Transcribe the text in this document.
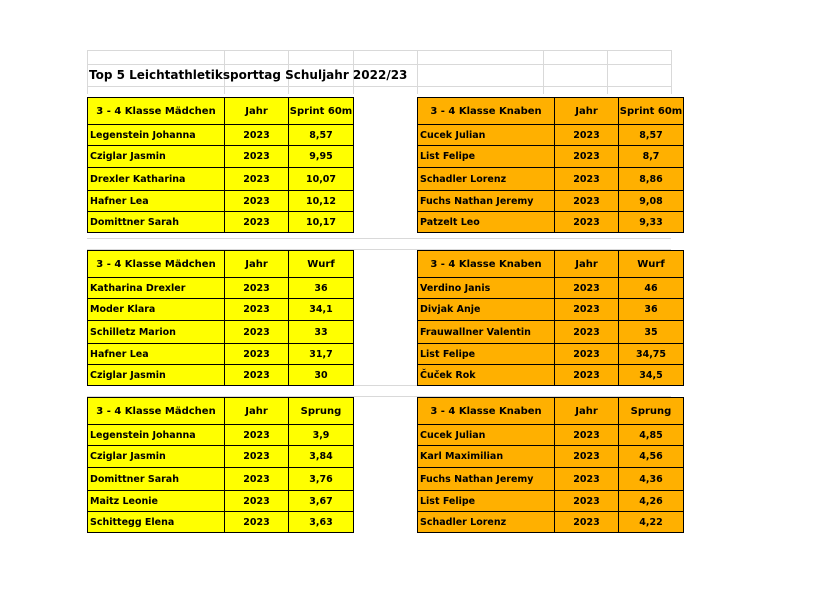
Top 5 Leichtathletiksporttag Schuljahr 2022/23
3 - 4 Klasse Mädchen	Jahr	Sprint 60m
Legenstein Johanna	2023	8,57
Cziglar Jasmin	2023	9,95
Drexler Katharina	2023	10,07
Hafner Lea	2023	10,12
Domittner Sarah	2023	10,17
3 - 4 Klasse Knaben	Jahr	Sprint 60m
Cucek Julian	2023	8,57
List Felipe	2023	8,7
Schadler Lorenz	2023	8,86
Fuchs Nathan Jeremy	2023	9,08
Patzelt Leo	2023	9,33
3 - 4 Klasse Mädchen	Jahr	Wurf
Katharina Drexler	2023	36
Moder Klara	2023	34,1
Schilletz Marion	2023	33
Hafner Lea	2023	31,7
Cziglar Jasmin	2023	30
3 - 4 Klasse Knaben	Jahr	Wurf
Verdino Janis	2023	46
Divjak Anje	2023	36
Frauwallner Valentin	2023	35
List Felipe	2023	34,75
Čuček Rok	2023	34,5
3 - 4 Klasse Mädchen	Jahr	Sprung
Legenstein Johanna	2023	3,9
Cziglar Jasmin	2023	3,84
Domittner Sarah	2023	3,76
Maitz Leonie	2023	3,67
Schittegg Elena	2023	3,63
3 - 4 Klasse Knaben	Jahr	Sprung
Cucek Julian	2023	4,85
Karl Maximilian	2023	4,56
Fuchs Nathan Jeremy	2023	4,36
List Felipe	2023	4,26
Schadler Lorenz	2023	4,22
